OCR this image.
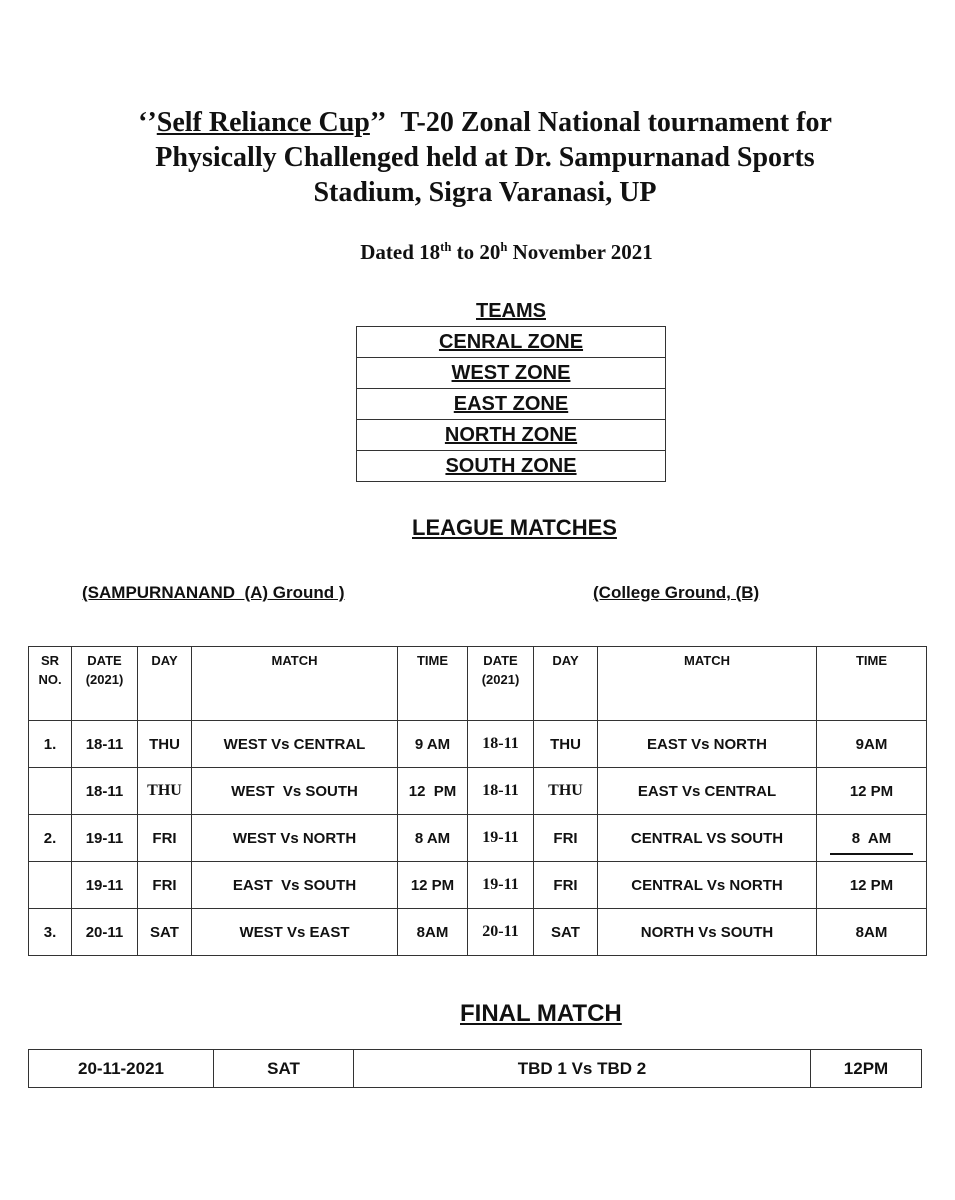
‘’Self Reliance Cup’’ T-20 Zonal National tournament for
Physically Challenged held at Dr. Sampurnanad Sports
Stadium, Sigra Varanasi, UP
Dated 18th to 20$^h$ November 2021
TEAMS
CENRAL ZONE
WEST ZONE
EAST ZONE
NORTH ZONE
SOUTH ZONE
LEAGUE MATCHES
(SAMPURNANAND  (A) Ground )	(College Ground, (B)
SR NO.	DATE (2021)	DAY	MATCH	TIME	DATE (2021)	DAY	MATCH	TIME
1.	18-11	THU	WEST Vs CENTRAL	9 AM	18-11	THU	EAST Vs NORTH	9AM
	18-11	THU	WEST  Vs SOUTH	12  PM	18-11	THU	EAST Vs CENTRAL	12 PM
2.	19-11	FRI	WEST Vs NORTH	8 AM	19-11	FRI	CENTRAL VS SOUTH	8  AM
	19-11	FRI	EAST  Vs SOUTH	12 PM	19-11	FRI	CENTRAL Vs NORTH	12 PM
3.	20-11	SAT	WEST Vs EAST	8AM	20-11	SAT	NORTH Vs SOUTH	8AM
FINAL MATCH
20-11-2021	SAT	TBD 1 Vs TBD 2	12PM
